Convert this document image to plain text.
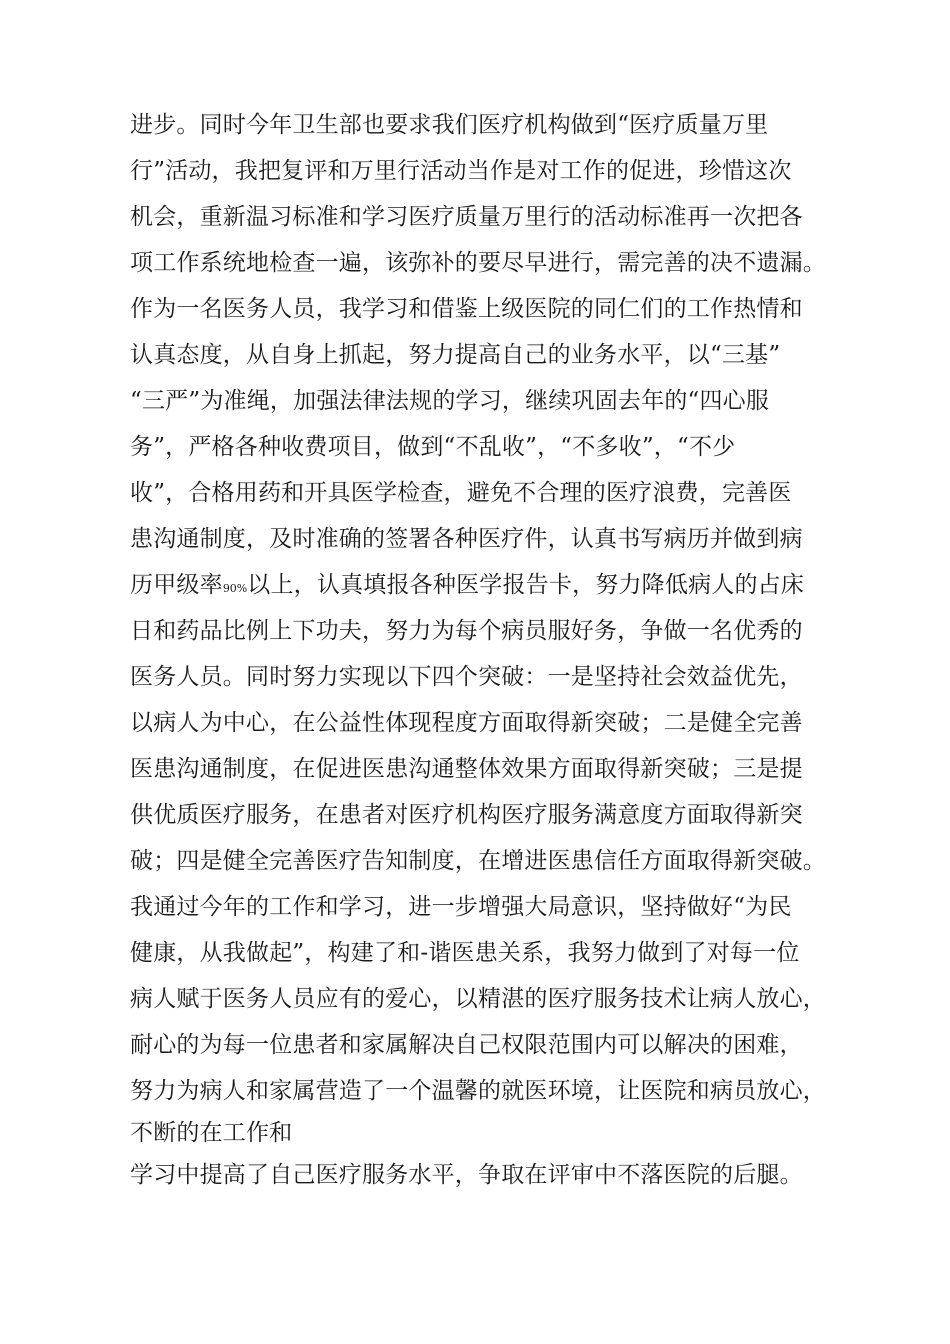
进步。同时今年卫生部也要求我们医疗机构做到“医疗质量万里
行”活动，我把复评和万里行活动当作是对工作的促进，珍惜这次
机会，重新温习标准和学习医疗质量万里行的活动标准再一次把各
项工作系统地检查一遍，该弥补的要尽早进行，需完善的决不遗漏。
作为一名医务人员，我学习和借鉴上级医院的同仁们的工作热情和
认真态度，从自身上抓起，努力提高自己的业务水平，以“三基”
“三严”为准绳，加强法律法规的学习，继续巩固去年的“四心服
务”，严格各种收费项目，做到“不乱收”，“不多收”，“不少
收”，合格用药和开具医学检查，避免不合理的医疗浪费，完善医
患沟通制度，及时准确的签署各种医疗件，认真书写病历并做到病
历甲级率90%以上，认真填报各种医学报告卡，努力降低病人的占床
日和药品比例上下功夫，努力为每个病员服好务，争做一名优秀的
医务人员。同时努力实现以下四个突破：一是坚持社会效益优先，
以病人为中心，在公益性体现程度方面取得新突破；二是健全完善
医患沟通制度，在促进医患沟通整体效果方面取得新突破；三是提
供优质医疗服务，在患者对医疗机构医疗服务满意度方面取得新突
破；四是健全完善医疗告知制度，在增进医患信任方面取得新突破。
我通过今年的工作和学习，进一步增强大局意识，坚持做好“为民
健康，从我做起”，构建了和-谐医患关系，我努力做到了对每一位
病人赋于医务人员应有的爱心，以精湛的医疗服务技术让病人放心，
耐心的为每一位患者和家属解决自己权限范围内可以解决的困难，
努力为病人和家属营造了一个温馨的就医环境，让医院和病员放心，
不断的在工作和
学习中提高了自己医疗服务水平，争取在评审中不落医院的后腿。
